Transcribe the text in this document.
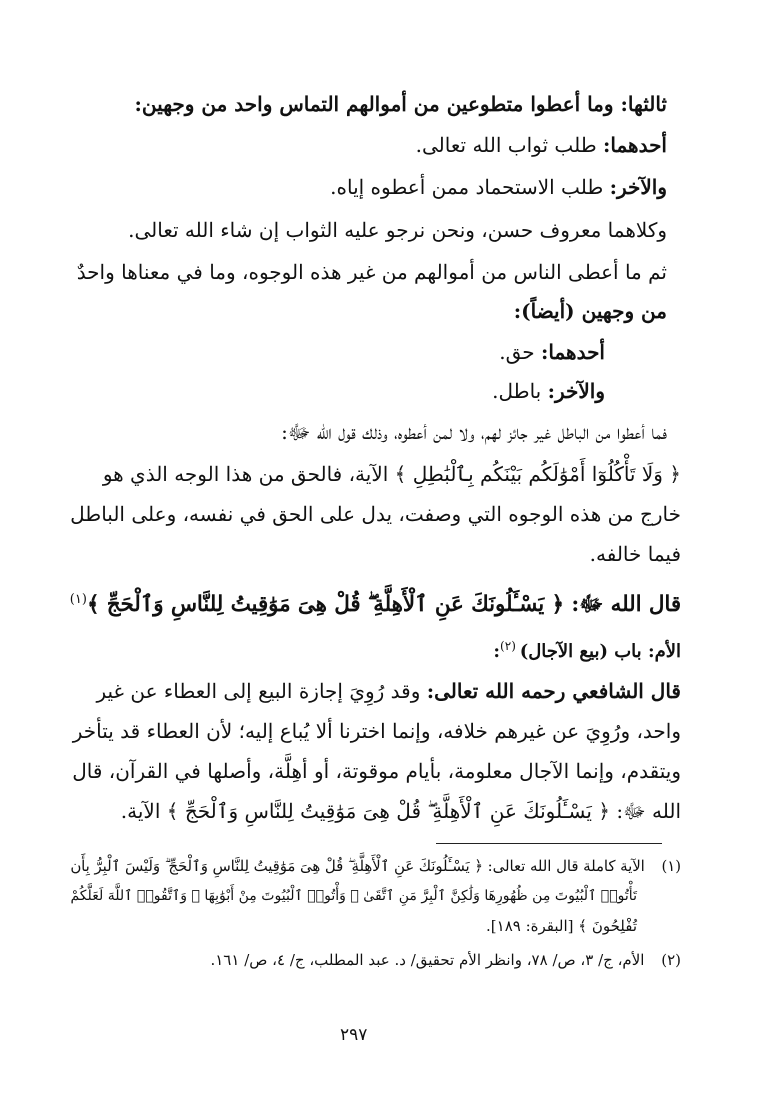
ثالثها: وما أعطوا متطوعين من أموالهم التماس واحد من وجهين:
أحدهما: طلب ثواب الله تعالى.
والآخر: طلب الاستحماد ممن أعطوه إياه.
وكلاهما معروف حسن، ونحن نرجو عليه الثواب إن شاء الله تعالى.
ثم ما أعطى الناس من أموالهم من غير هذه الوجوه، وما في معناها واحدٌ
من وجهين (أيضاً):
أحدهما: حق.
والآخر: باطل.
فما أعطوا من الباطل غير جائز لهم، ولا لمن أعطوه، وذلك قول الله ﷻ:
﴿ وَلَا تَأْكُلُوٓا أَمْوَٰلَكُم بَيْنَكُم بِٱلْبَٰطِلِ ﴾ الآية، فالحق من هذا الوجه الذي هو
خارج من هذه الوجوه التي وصفت، يدل على الحق في نفسه، وعلى الباطل
فيما خالفه.
قال الله ﷻ: ﴿ يَسْـَٔلُونَكَ عَنِ ٱلْأَهِلَّةِ ۖ قُلْ هِىَ مَوَٰقِيتُ لِلنَّاسِ وَٱلْحَجِّ ﴾$^{(١)}$
الأم: باب (بيع الآجال) $^{(٢)}$:
قال الشافعي رحمه الله تعالى: وقد رُوِيَ إجازة البيع إلى العطاء عن غير
واحد، ورُوِيَ عن غيرهم خلافه، وإنما اخترنا ألا يُباع إليه؛ لأن العطاء قد يتأخر
ويتقدم، وإنما الآجال معلومة، بأيام موقوتة، أو أهِلَّة، وأصلها في القرآن، قال
الله ﷻ: ﴿ يَسْـَٔلُونَكَ عَنِ ٱلْأَهِلَّةِ ۖ قُلْ هِىَ مَوَٰقِيتُ لِلنَّاسِ وَٱلْحَجِّ ﴾ الآية.
(١) الآية كاملة قال الله تعالى: ﴿ يَسْـَٔلُونَكَ عَنِ ٱلْأَهِلَّةِ ۖ قُلْ هِىَ مَوَٰقِيتُ لِلنَّاسِ وَٱلْحَجِّ ۗ وَلَيْسَ ٱلْبِرُّ بِأَن
تَأْتُوا۟ ٱلْبُيُوتَ مِن ظُهُورِهَا وَلَٰكِنَّ ٱلْبِرَّ مَنِ ٱتَّقَىٰ ۗ وَأْتُوا۟ ٱلْبُيُوتَ مِنْ أَبْوَٰبِهَا ۚ وَٱتَّقُوا۟ ٱللَّهَ لَعَلَّكُمْ
تُفْلِحُونَ ﴾ [البقرة: ١٨٩].
(٢) الأم، ج/ ٣، ص/ ٧٨، وانظر الأم تحقيق/ د. عبد المطلب، ج/ ٤، ص/ ١٦١.
٢٩٧
